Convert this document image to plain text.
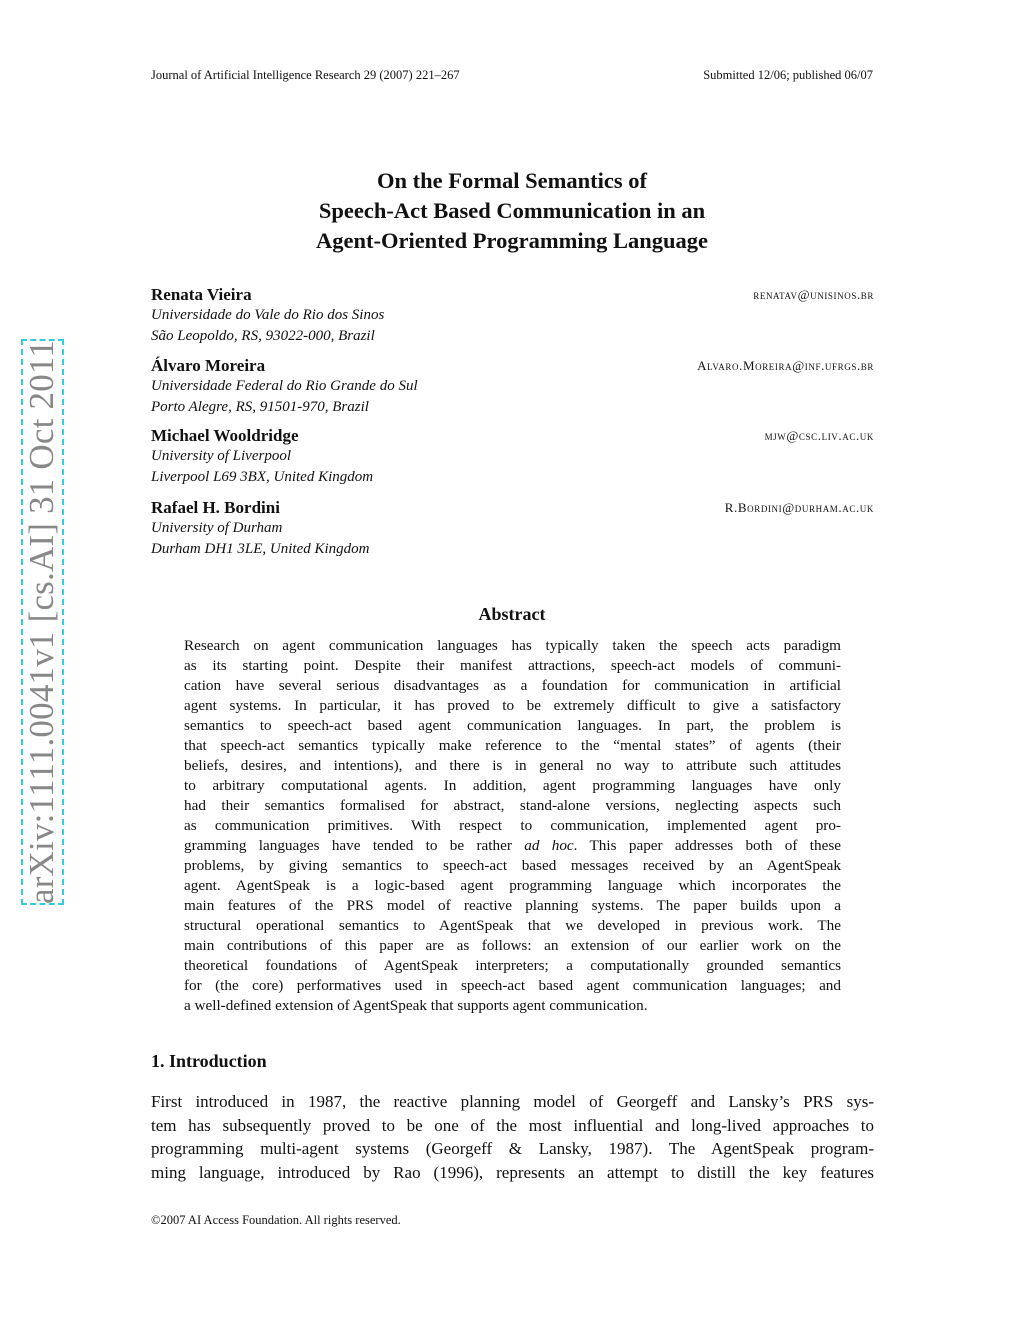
Journal of Artificial Intelligence Research 29 (2007) 221–267	Submitted 12/06; published 06/07
On the Formal Semantics of
Speech-Act Based Communication in an
Agent-Oriented Programming Language
Renata Vieira	renatav@unisinos.br
Universidade do Vale do Rio dos Sinos
São Leopoldo, RS, 93022-000, Brazil
Álvaro Moreira	Alvaro.Moreira@inf.ufrgs.br
Universidade Federal do Rio Grande do Sul
Porto Alegre, RS, 91501-970, Brazil
Michael Wooldridge	mjw@csc.liv.ac.uk
University of Liverpool
Liverpool L69 3BX, United Kingdom
Rafael H. Bordini	R.Bordini@durham.ac.uk
University of Durham
Durham DH1 3LE, United Kingdom
Abstract
Research on agent communication languages has typically taken the speech acts paradigm
as its starting point. Despite their manifest attractions, speech-act models of communi-
cation have several serious disadvantages as a foundation for communication in artificial
agent systems. In particular, it has proved to be extremely difficult to give a satisfactory
semantics to speech-act based agent communication languages. In part, the problem is
that speech-act semantics typically make reference to the “mental states” of agents (their
beliefs, desires, and intentions), and there is in general no way to attribute such attitudes
to arbitrary computational agents. In addition, agent programming languages have only
had their semantics formalised for abstract, stand-alone versions, neglecting aspects such
as communication primitives. With respect to communication, implemented agent pro-
gramming languages have tended to be rather ad hoc. This paper addresses both of these
problems, by giving semantics to speech-act based messages received by an AgentSpeak
agent. AgentSpeak is a logic-based agent programming language which incorporates the
main features of the PRS model of reactive planning systems. The paper builds upon a
structural operational semantics to AgentSpeak that we developed in previous work. The
main contributions of this paper are as follows: an extension of our earlier work on the
theoretical foundations of AgentSpeak interpreters; a computationally grounded semantics
for (the core) performatives used in speech-act based agent communication languages; and
a well-defined extension of AgentSpeak that supports agent communication.
1. Introduction
First introduced in 1987, the reactive planning model of Georgeff and Lansky’s PRS sys-
tem has subsequently proved to be one of the most influential and long-lived approaches to
programming multi-agent systems (Georgeff & Lansky, 1987). The AgentSpeak program-
ming language, introduced by Rao (1996), represents an attempt to distill the key features
©2007 AI Access Foundation. All rights reserved.
arXiv:1111.0041v1 [cs.AI] 31 Oct 2011
